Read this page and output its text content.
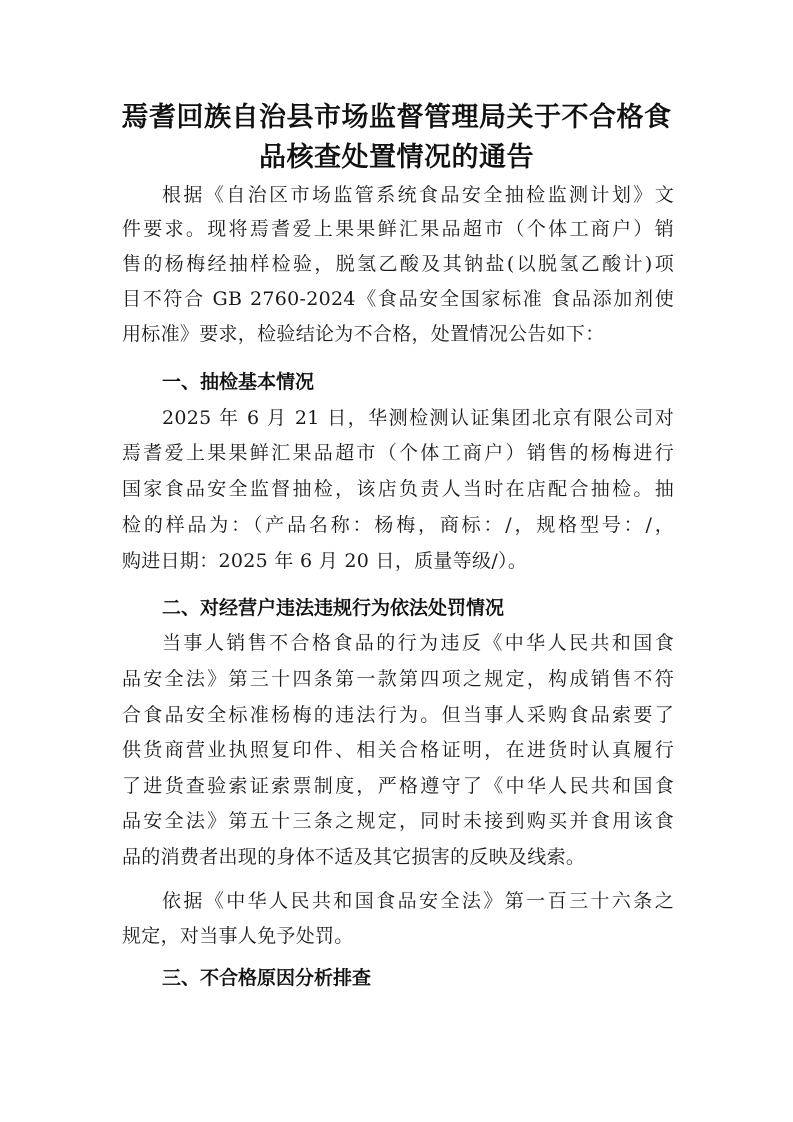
焉耆回族自治县市场监督管理局关于不合格食
品核查处置情况的通告
根据《自治区市场监管系统食品安全抽检监测计划》文
件要求。现将焉耆爱上果果鲜汇果品超市（个体工商户）销
售的杨梅经抽样检验，脱氢乙酸及其钠盐(以脱氢乙酸计)项
目不符合 GB 2760-2024《食品安全国家标准 食品添加剂使
用标准》要求，检验结论为不合格，处置情况公告如下：
一、抽检基本情况
2025 年 6 月 21 日，华测检测认证集团北京有限公司对
焉耆爱上果果鲜汇果品超市（个体工商户）销售的杨梅进行
国家食品安全监督抽检，该店负责人当时在店配合抽检。抽
检的样品为：（产品名称：杨梅，商标：/，规格型号：/，
购进日期：2025 年 6 月 20 日，质量等级/）。
二、对经营户违法违规行为依法处罚情况
当事人销售不合格食品的行为违反《中华人民共和国食
品安全法》第三十四条第一款第四项之规定，构成销售不符
合食品安全标准杨梅的违法行为。但当事人采购食品索要了
供货商营业执照复印件、相关合格证明，在进货时认真履行
了进货查验索证索票制度，严格遵守了《中华人民共和国食
品安全法》第五十三条之规定，同时未接到购买并食用该食
品的消费者出现的身体不适及其它损害的反映及线索。
依据《中华人民共和国食品安全法》第一百三十六条之
规定，对当事人免予处罚。
三、不合格原因分析排查
